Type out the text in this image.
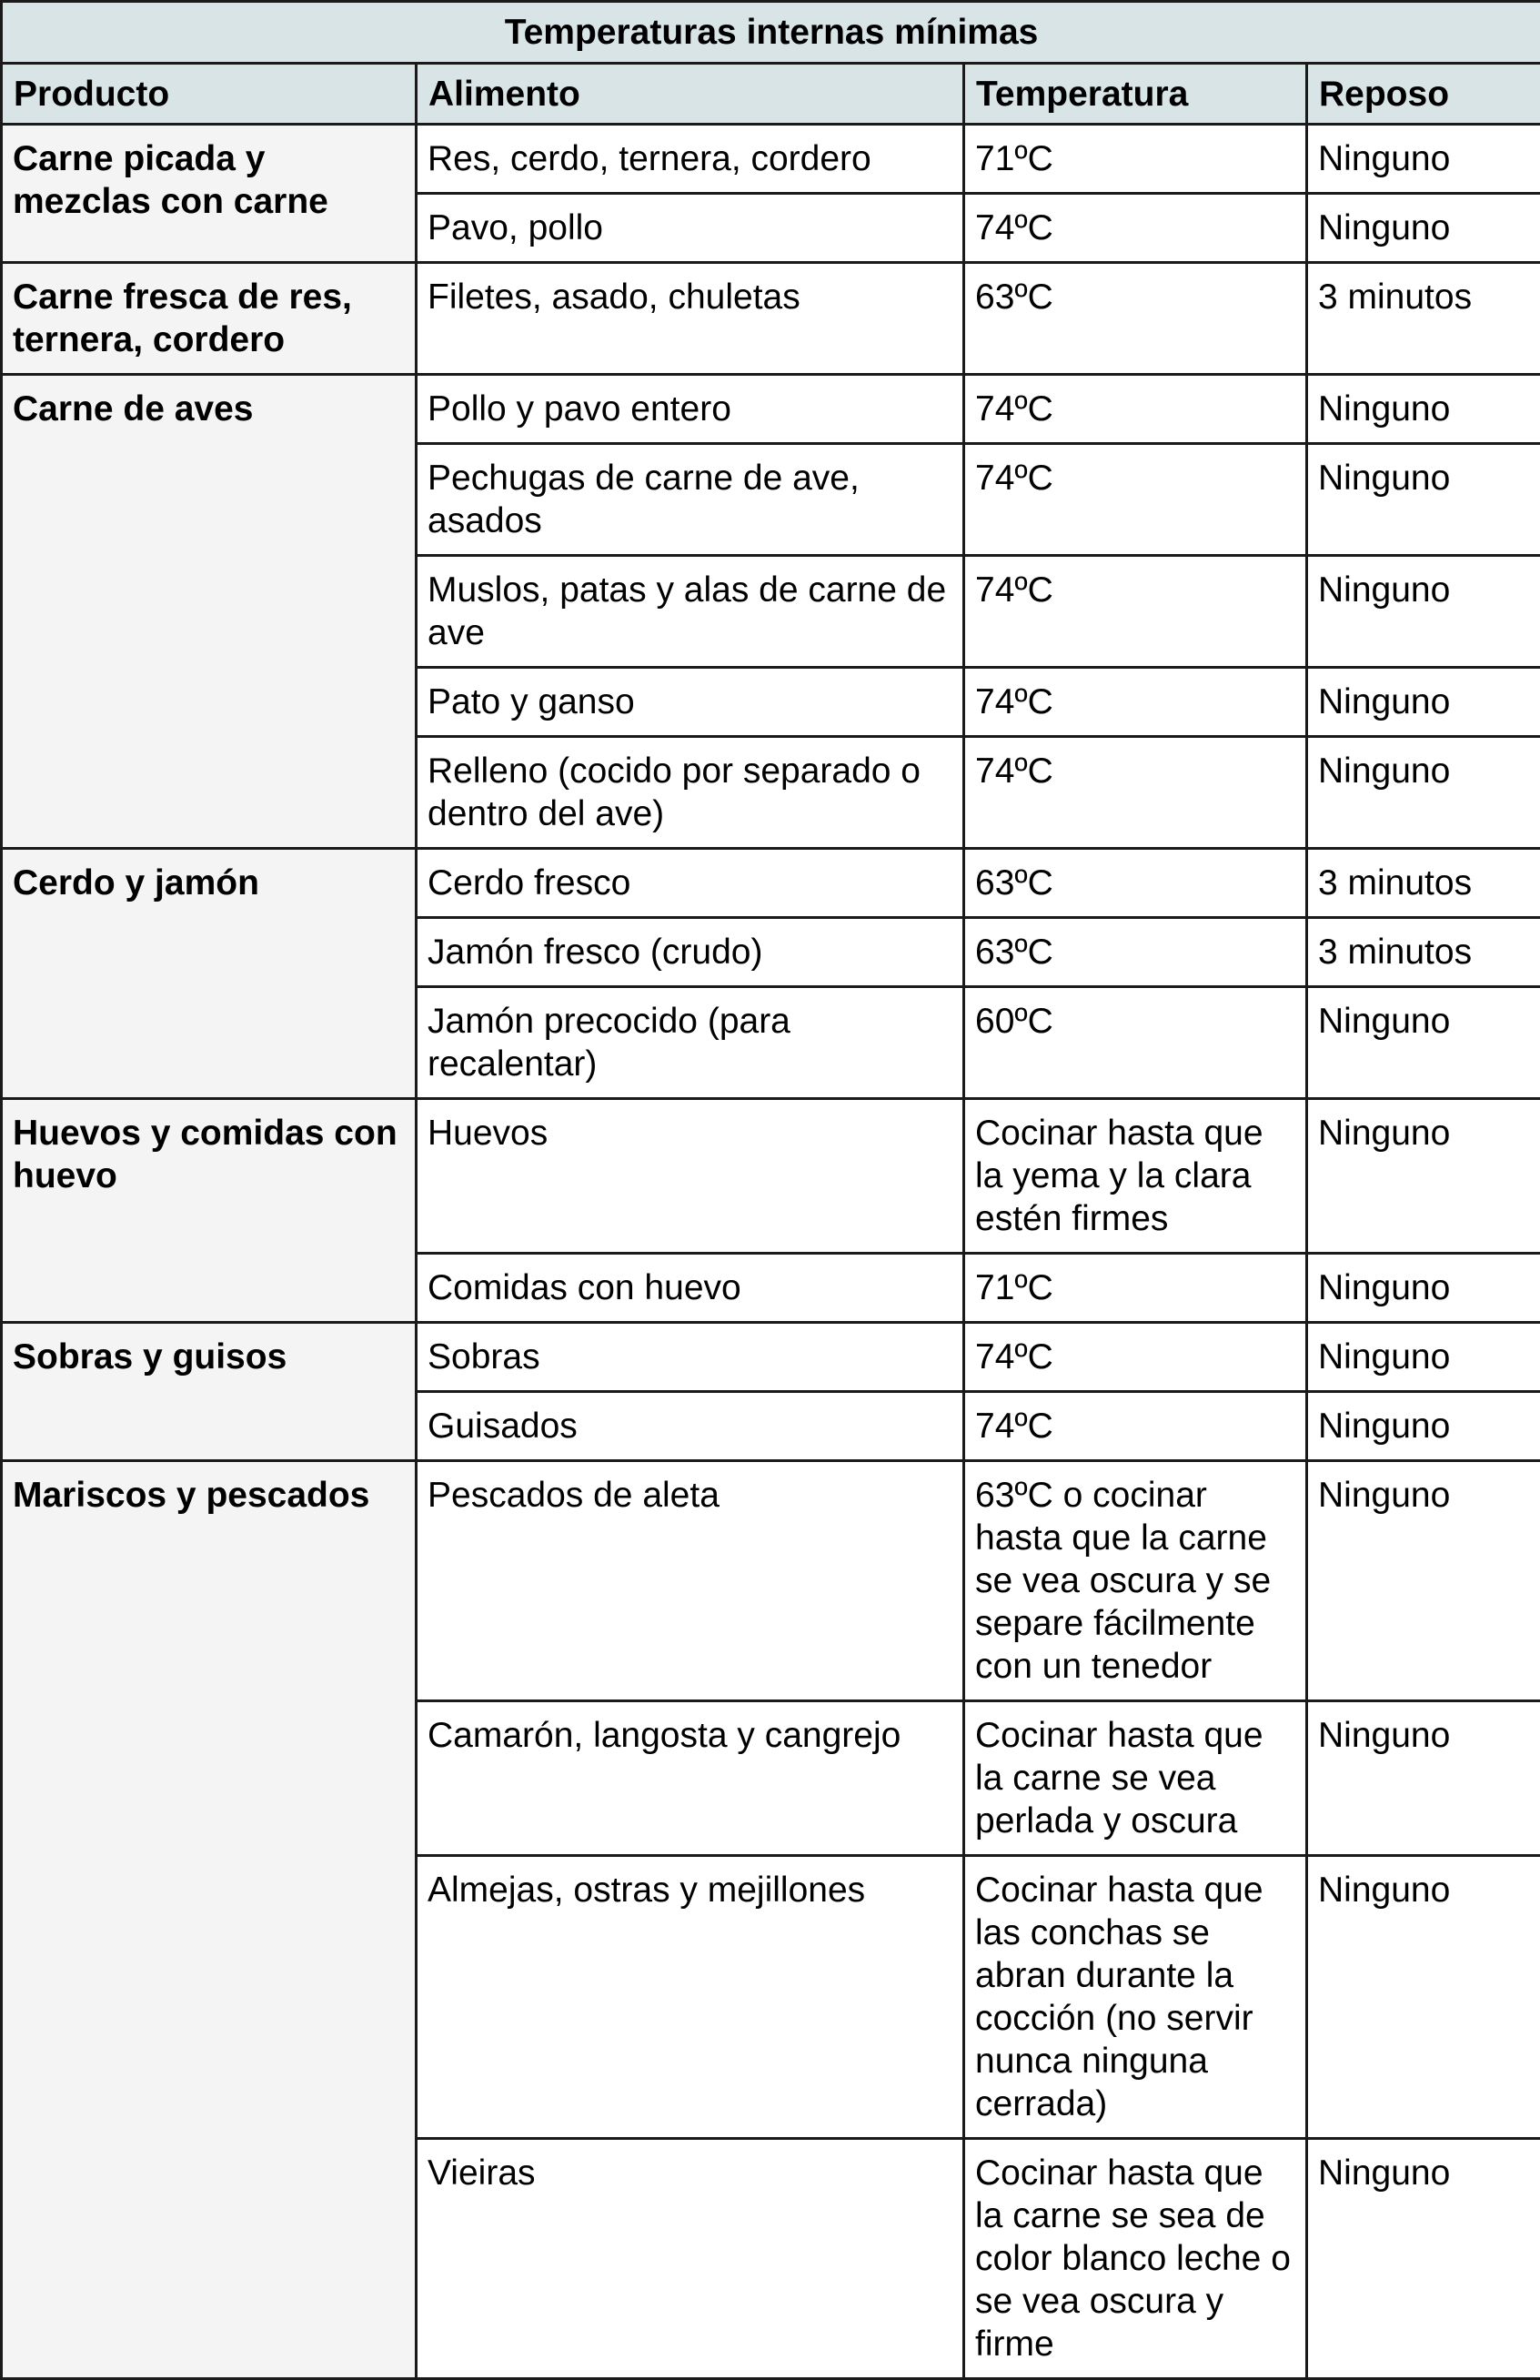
Temperaturas internas mínimas			
Producto	Alimento	Temperatura	Reposo
Carne picada y mezclas con carne	Res, cerdo, ternera, cordero	71ºC	Ninguno
	Pavo, pollo	74ºC	Ninguno
Carne fresca de res, ternera, cordero	Filetes, asado, chuletas	63ºC	3 minutos
Carne de aves	Pollo y pavo entero	74ºC	Ninguno
	Pechugas de carne de ave, asados	74ºC	Ninguno
	Muslos, patas y alas de carne de ave	74ºC	Ninguno
	Pato y ganso	74ºC	Ninguno
	Relleno (cocido por separado o dentro del ave)	74ºC	Ninguno
Cerdo y jamón	Cerdo fresco	63ºC	3 minutos
	Jamón fresco (crudo)	63ºC	3 minutos
	Jamón precocido (para recalentar)	60ºC	Ninguno
Huevos y comidas con huevo	Huevos	Cocinar hasta que la yema y la clara estén firmes	Ninguno
	Comidas con huevo	71ºC	Ninguno
Sobras y guisos	Sobras	74ºC	Ninguno
	Guisados	74ºC	Ninguno
Mariscos y pescados	Pescados de aleta	63ºC o cocinar hasta que la carne se vea oscura y se separe fácilmente con un tenedor	Ninguno
	Camarón, langosta y cangrejo	Cocinar hasta que la carne se vea perlada y oscura	Ninguno
	Almejas, ostras y mejillones	Cocinar hasta que las conchas se abran durante la cocción (no servir nunca ninguna cerrada)	Ninguno
	Vieiras	Cocinar hasta que la carne se sea de color blanco leche o se vea oscura y firme	Ninguno
